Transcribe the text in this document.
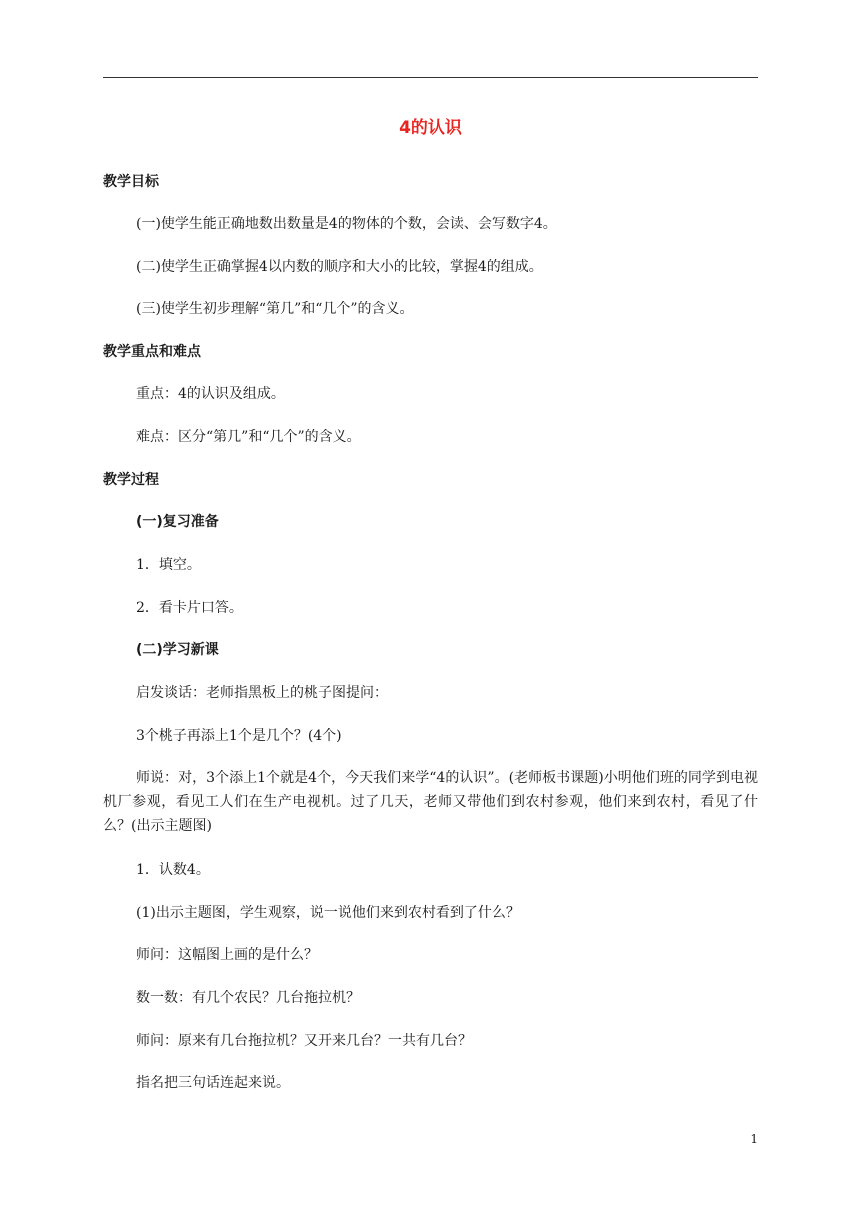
4的认识
教学目标
(一)使学生能正确地数出数量是4的物体的个数，会读、会写数字4。
(二)使学生正确掌握4以内数的顺序和大小的比较，掌握4的组成。
(三)使学生初步理解“第几”和“几个”的含义。
教学重点和难点
重点：4的认识及组成。
难点：区分“第几”和“几个”的含义。
教学过程
(一)复习准备
1．填空。
2．看卡片口答。
(二)学习新课
启发谈话：老师指黑板上的桃子图提问：
3个桃子再添上1个是几个？(4个)
师说：对，3个添上1个就是4个，今天我们来学“4的认识”。(老师板书课题)小明他们班的同学到电视机厂参观，看见工人们在生产电视机。过了几天，老师又带他们到农村参观，他们来到农村，看见了什么？(出示主题图)
1．认数4。
(1)出示主题图，学生观察，说一说他们来到农村看到了什么？
师问：这幅图上画的是什么？
数一数：有几个农民？几台拖拉机？
师问：原来有几台拖拉机？又开来几台？一共有几台？
指名把三句话连起来说。
1
